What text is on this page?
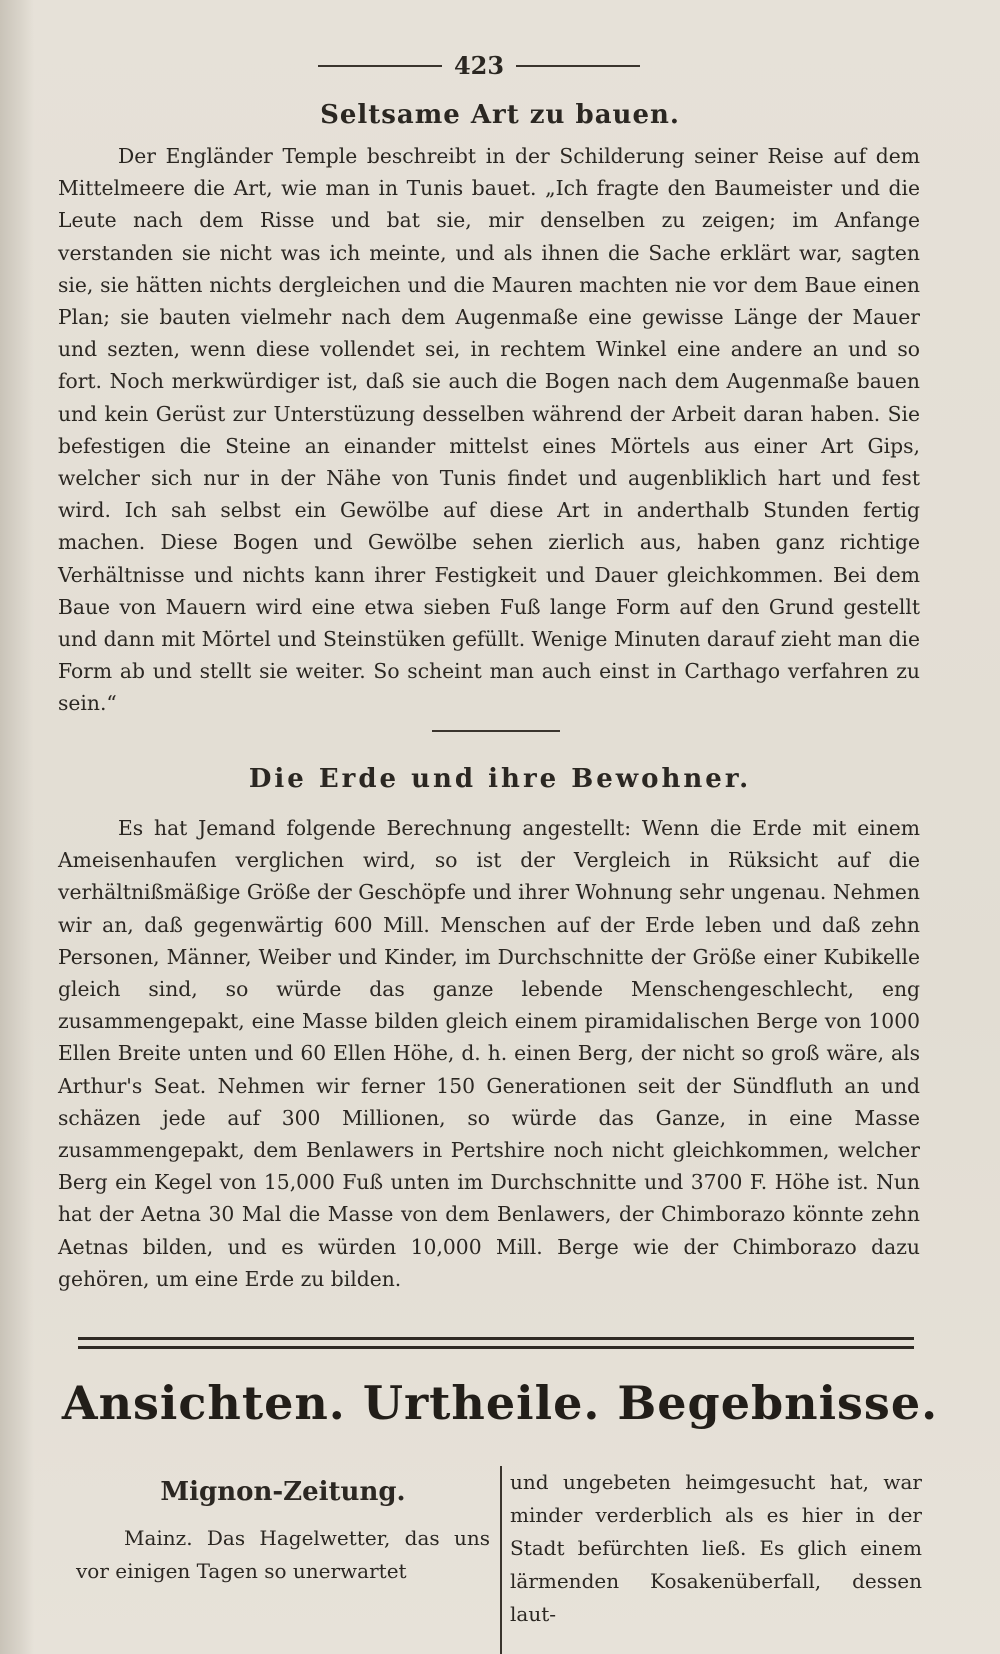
423
Seltsame Art zu bauen.
Der Engländer Temple beschreibt in der Schilderung seiner Reise auf dem Mittelmeere die Art, wie man in Tunis bauet. „Ich fragte den Baumeister und die Leute nach dem Risse und bat sie, mir denselben zu zeigen; im Anfange verstanden sie nicht was ich meinte, und als ihnen die Sache erklärt war, sagten sie, sie hätten nichts dergleichen und die Mauren machten nie vor dem Baue einen Plan; sie bauten vielmehr nach dem Augenmaße eine gewisse Länge der Mauer und sezten, wenn diese vollendet sei, in rechtem Winkel eine andere an und so fort. Noch merkwürdiger ist, daß sie auch die Bogen nach dem Augenmaße bauen und kein Gerüst zur Unterstüzung desselben während der Arbeit daran haben. Sie befestigen die Steine an einander mittelst eines Mörtels aus einer Art Gips, welcher sich nur in der Nähe von Tunis findet und augenbliklich hart und fest wird. Ich sah selbst ein Gewölbe auf diese Art in anderthalb Stunden fertig machen. Diese Bogen und Gewölbe sehen zierlich aus, haben ganz richtige Verhältnisse und nichts kann ihrer Festigkeit und Dauer gleichkommen. Bei dem Baue von Mauern wird eine etwa sieben Fuß lange Form auf den Grund gestellt und dann mit Mörtel und Steinstüken gefüllt. Wenige Minuten darauf zieht man die Form ab und stellt sie weiter. So scheint man auch einst in Carthago verfahren zu sein.“
Die Erde und ihre Bewohner.
Es hat Jemand folgende Berechnung angestellt: Wenn die Erde mit einem Ameisenhaufen verglichen wird, so ist der Vergleich in Rüksicht auf die verhältnißmäßige Größe der Geschöpfe und ihrer Wohnung sehr ungenau. Nehmen wir an, daß gegenwärtig 600 Mill. Menschen auf der Erde leben und daß zehn Personen, Männer, Weiber und Kinder, im Durchschnitte der Größe einer Kubikelle gleich sind, so würde das ganze lebende Menschengeschlecht, eng zusammengepakt, eine Masse bilden gleich einem piramidalischen Berge von 1000 Ellen Breite unten und 60 Ellen Höhe, d. h. einen Berg, der nicht so groß wäre, als Arthur's Seat. Nehmen wir ferner 150 Generationen seit der Sündfluth an und schäzen jede auf 300 Millionen, so würde das Ganze, in eine Masse zusammengepakt, dem Benlawers in Pertshire noch nicht gleichkommen, welcher Berg ein Kegel von 15,000 Fuß unten im Durchschnitte und 3700 F. Höhe ist. Nun hat der Aetna 30 Mal die Masse von dem Benlawers, der Chimborazo könnte zehn Aetnas bilden, und es würden 10,000 Mill. Berge wie der Chimborazo dazu gehören, um eine Erde zu bilden.
Ansichten. Urtheile. Begebnisse.
Mignon-Zeitung.
Mainz. Das Hagelwetter, das uns vor einigen Tagen so unerwartet
und ungebeten heimgesucht hat, war minder verderblich als es hier in der Stadt befürchten ließ. Es glich einem lärmenden Kosakenüberfall, dessen laut-
